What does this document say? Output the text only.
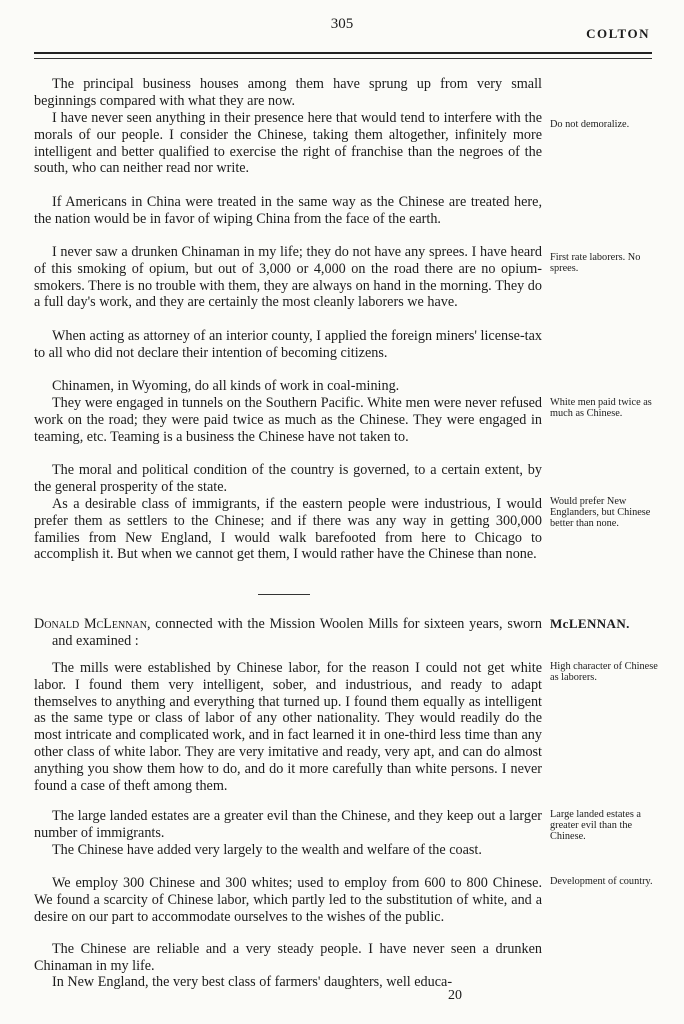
305
COLTON

The principal business houses among them have sprung up from very small beginnings compared with what they are now.

I have never seen anything in their presence here that would tend to interfere with the morals of our people. I consider the Chinese, taking them altogether, infinitely more intelligent and better qualified to exercise the right of franchise than the negroes of the south, who can neither read nor write.

If Americans in China were treated in the same way as the Chinese are treated here, the nation would be in favor of wiping China from the face of the earth.

I never saw a drunken Chinaman in my life; they do not have any sprees. I have heard of this smoking of opium, but out of 3,000 or 4,000 on the road there are no opium-smokers. There is no trouble with them, they are always on hand in the morning. They do a full day's work, and they are certainly the most cleanly laborers we have.

When acting as attorney of an interior county, I applied the foreign miners' license-tax to all who did not declare their intention of becoming citizens.

Chinamen, in Wyoming, do all kinds of work in coal-mining.

They were engaged in tunnels on the Southern Pacific. White men were never refused work on the road; they were paid twice as much as the Chinese. They were engaged in teaming, etc. Teaming is a business the Chinese have not taken to.

The moral and political condition of the country is governed, to a certain extent, by the general prosperity of the state.

As a desirable class of immigrants, if the eastern people were industrious, I would prefer them as settlers to the Chinese; and if there was any way in getting 300,000 families from New England, I would walk barefooted from here to Chicago to accomplish it. But when we cannot get them, I would rather have the Chinese than none.

Donald McLennan, connected with the Mission Woolen Mills for sixteen years, sworn and examined :

The mills were established by Chinese labor, for the reason I could not get white labor. I found them very intelligent, sober, and industrious, and ready to adapt themselves to anything and everything that turned up. I found them equally as intelligent as the same type or class of labor of any other nationality. They would readily do the most intricate and complicated work, and in fact learned it in one-third less time than any other class of white labor. They are very imitative and ready, very apt, and can do almost anything you show them how to do, and do it more carefully than white persons. I never found a case of theft among them.

The large landed estates are a greater evil than the Chinese, and they keep out a larger number of immigrants.

The Chinese have added very largely to the wealth and welfare of the coast.

We employ 300 Chinese and 300 whites; used to employ from 600 to 800 Chinese. We found a scarcity of Chinese labor, which partly led to the substitution of white, and a desire on our part to accommodate ourselves to the wishes of the public.

The Chinese are reliable and a very steady people. I have never seen a drunken Chinaman in my life.

In New England, the very best class of farmers' daughters, well educa-

Do not demoralize.
First rate laborers. No sprees.
White men paid twice as much as Chinese.
Would prefer New Englanders, but Chinese better than none.
McLENNAN.
High character of Chinese as laborers.
Large landed estates a greater evil than the Chinese.
Development of country.
20
